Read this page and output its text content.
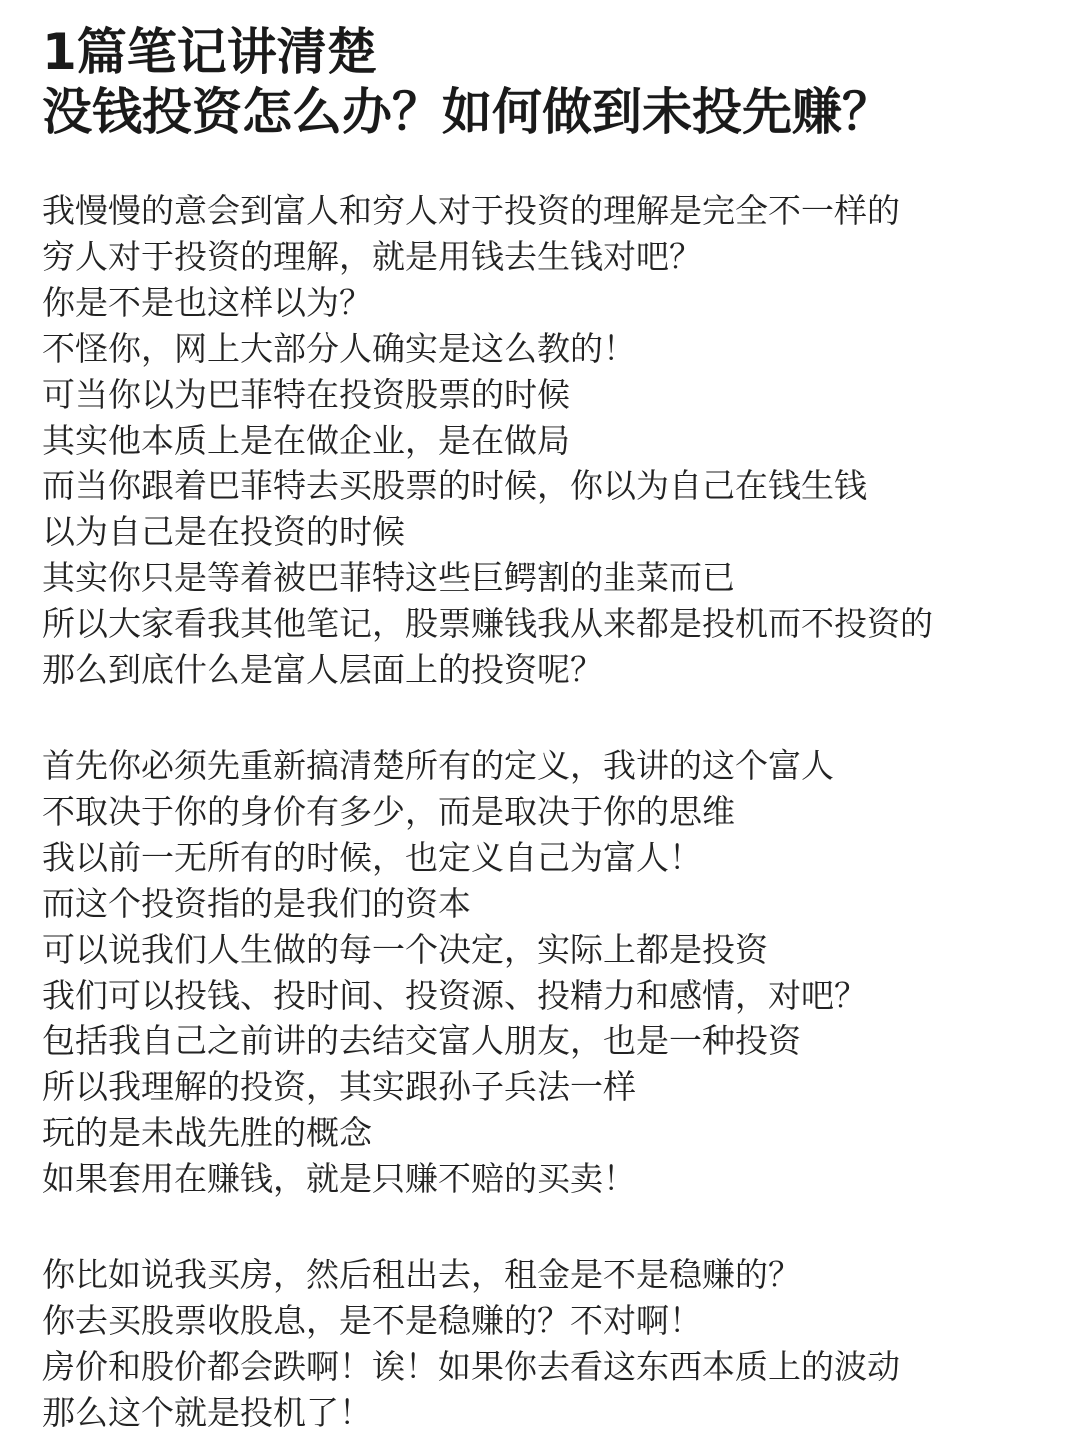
1篇笔记讲清楚
没钱投资怎么办？如何做到未投先赚？
我慢慢的意会到富人和穷人对于投资的理解是完全不一样的
穷人对于投资的理解，就是用钱去生钱对吧？
你是不是也这样以为？
不怪你，网上大部分人确实是这么教的！
可当你以为巴菲特在投资股票的时候
其实他本质上是在做企业，是在做局
而当你跟着巴菲特去买股票的时候，你以为自己在钱生钱
以为自己是在投资的时候
其实你只是等着被巴菲特这些巨鳄割的韭菜而已
所以大家看我其他笔记，股票赚钱我从来都是投机而不投资的
那么到底什么是富人层面上的投资呢？
首先你必须先重新搞清楚所有的定义，我讲的这个富人
不取决于你的身价有多少，而是取决于你的思维
我以前一无所有的时候，也定义自己为富人！
而这个投资指的是我们的资本
可以说我们人生做的每一个决定，实际上都是投资
我们可以投钱、投时间、投资源、投精力和感情，对吧？
包括我自己之前讲的去结交富人朋友，也是一种投资
所以我理解的投资，其实跟孙子兵法一样
玩的是未战先胜的概念
如果套用在赚钱，就是只赚不赔的买卖！
你比如说我买房，然后租出去，租金是不是稳赚的？
你去买股票收股息，是不是稳赚的？不对啊！
房价和股价都会跌啊！诶！如果你去看这东西本质上的波动
那么这个就是投机了！
